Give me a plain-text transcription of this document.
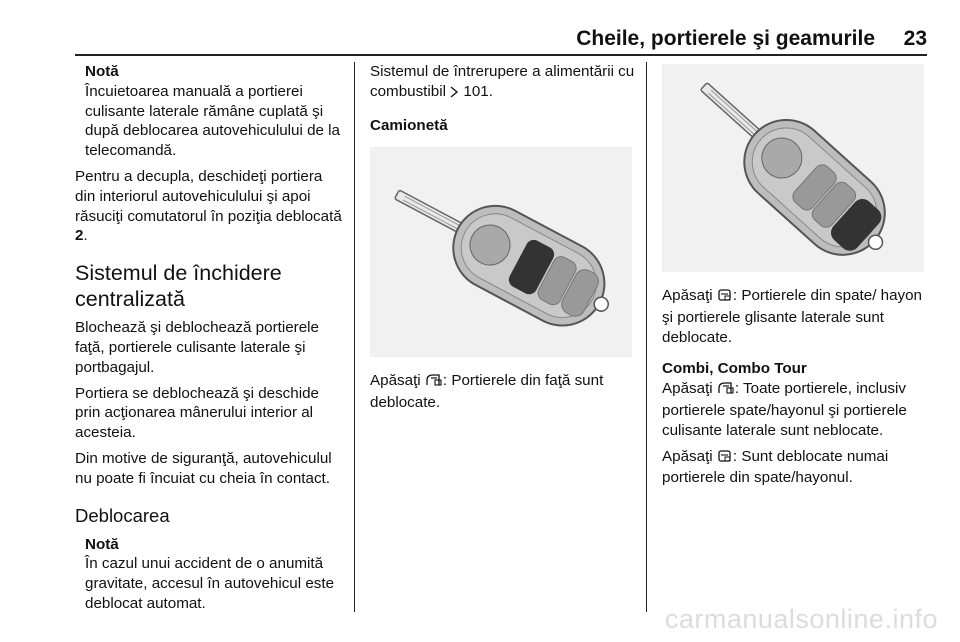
Cheile, portierele şi geamurile 23
Notă

Încuietoarea manuală a portierei culisante laterale rămâne cuplată şi după deblocarea autovehiculului de la telecomandă.

Pentru a decupla, deschideţi portiera din interiorul autovehiculului şi apoi răsuciţi comutatorul în poziţia deblocată 2.

Sistemul de închidere centralizată

Blochează şi deblochează portierele faţă, portierele culisante laterale şi portbagajul.

Portiera se deblochează şi deschide prin acţionarea mânerului interior al acesteia.

Din motive de siguranţă, autovehiculul nu poate fi încuiat cu cheia în contact.

Deblocarea

Notă

În cazul unui accident de o anumită gravitate, accesul în autovehicul este deblocat automat.

Sistemul de întrerupere a alimentării cu combustibil  101.

Camionetă

Apăsaţi : Portierele din faţă sunt deblocate.

Apăsaţi : Portierele din spate/ hayon şi portierele glisante laterale sunt deblocate.

Combi, Combo Tour

Apăsaţi : Toate portierele, inclusiv portierele spate/hayonul şi portierele culisante laterale sunt neblocate.

Apăsaţi : Sunt deblocate numai portierele din spate/hayonul.

carmanualsonline.info
